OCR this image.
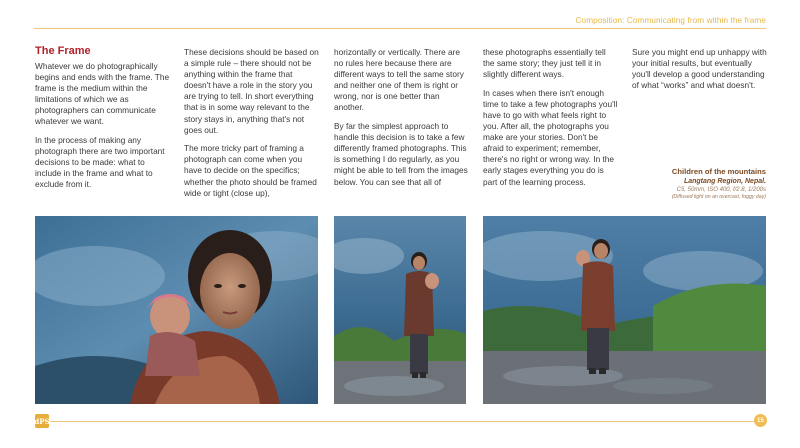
Composition: Communicating from within the frame
The Frame

Whatever we do photographically begins and ends with the frame. The frame is the medium within the limitations of which we as photographers can communicate whatever we want.

In the process of making any photograph there are two important decisions to be made: what to include in the frame and what to exclude from it.

These decisions should be based on a simple rule – there should not be anything within the frame that doesn't have a role in the story you are trying to tell. In short everything that is in some way relevant to the story stays in, anything that's not goes out.

The more tricky part of framing a photograph can come when you have to decide on the specifics; whether the photo should be framed wide or tight (close up),

horizontally or vertically. There are no rules here because there are different ways to tell the same story and neither one of them is right or wrong, nor is one better than another.

By far the simplest approach to handle this decision is to take a few differently framed photographs. This is something I do regularly, as you might be able to tell from the images below. You can see that all of

these photographs essentially tell the same story; they just tell it in slightly different ways.

In cases when there isn't enough time to take a few photographs you'll have to go with what feels right to you. After all, the photographs you make are your stories. Don't be afraid to experiment; remember, there's no right or wrong way. In the early stages everything you do is part of the learning process.

Sure you might end up unhappy with your initial results, but eventually you'll develop a good understanding of what “works” and what doesn't.

Children of the mountains
Langtang Region, Nepal.
C5, 50mm, ISO 400, f/2.8, 1/200s
(Diffused light on an overcast, foggy day)
dPS	15
